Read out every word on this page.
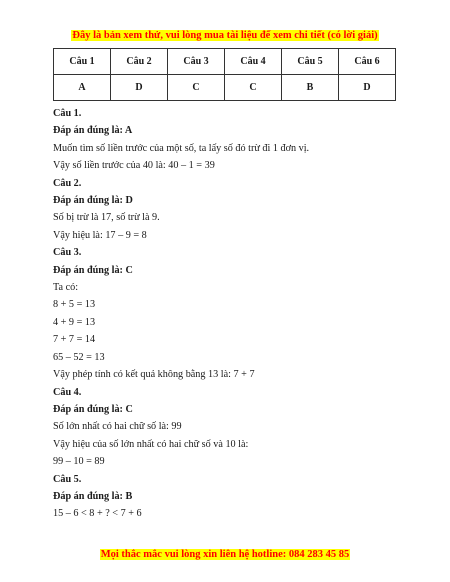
Đây là bản xem thử, vui lòng mua tài liệu để xem chi tiết (có lời giải)
Câu 1	Câu 2	Câu 3	Câu 4	Câu 5	Câu 6
A	D	C	C	B	D

Câu 1.

Đáp án đúng là: A

Muốn tìm số liền trước của một số, ta lấy số đó trừ đi 1 đơn vị.

Vậy số liền trước của 40 là: 40 – 1 = 39

Câu 2.

Đáp án đúng là: D

Số bị trừ là 17, số trừ là 9.

Vậy hiệu là: 17 – 9 = 8

Câu 3.

Đáp án đúng là: C

Ta có:

8 + 5 = 13

4 + 9 = 13

7 + 7 = 14

65 – 52 = 13

Vậy phép tính có kết quả không bằng 13 là: 7 + 7

Câu 4.

Đáp án đúng là: C

Số lớn nhất có hai chữ số là: 99

Vậy hiệu của số lớn nhất có hai chữ số và 10 là:

99 – 10 = 89

Câu 5.

Đáp án đúng là: B

15 – 6 < 8 + ? < 7 + 6

Mọi thắc mắc vui lòng xin liên hệ hotline: 084 283 45 85
